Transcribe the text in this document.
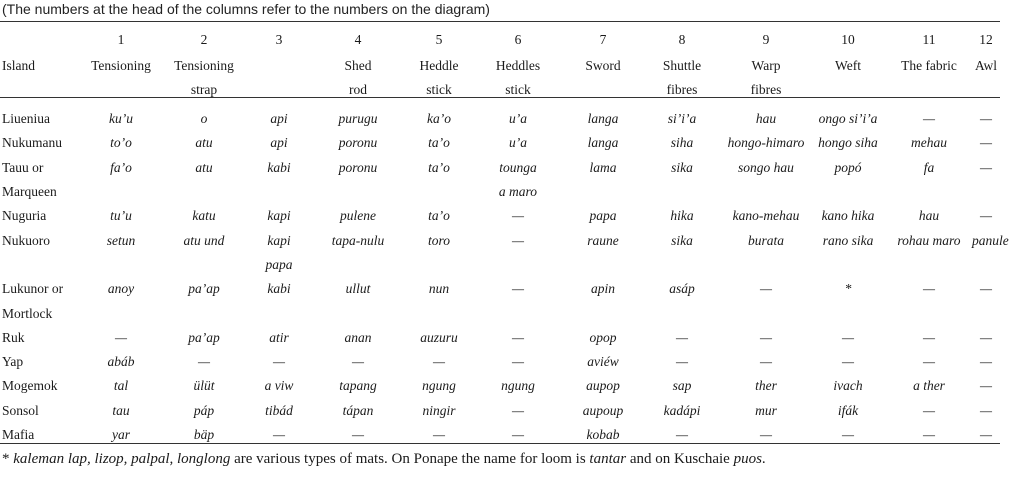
(The numbers at the head of the columns refer to the numbers on the diagram)
	1	2	3	4	5	6	7	8	9	10	11	12
Island	Tensioning	Tensioning		Shed	Heddle	Heddles	Sword	Shuttle	Warp	Weft	The fabric	Awl
		strap		rod	stick	stick		fibres	fibres			
Liueniua	ku’u	o	api	purugu	ka’o	u’a	langa	si’i’a	hau	ongo si’i’a	—	—
Nukumanu	to’o	atu	api	poronu	ta’o	u’a	langa	siha	hongo-himaro	hongo siha	mehau	—
Tauu or	fa’o	atu	kabi	poronu	ta’o	tounga	lama	sika	songo hau	popó	fa	—
Marqueen						a maro						
Nuguria	tu’u	katu	kapi	pulene	ta’o	—	papa	hika	kano-mehau	kano hika	hau	—
Nukuoro	setun	atu und	kapi	tapa-nulu	toro	—	raune	sika	burata	rano sika	rohau maro	panule
			papa									
Lukunor or	anoy	pa’ap	kabi	ullut	nun	—	apin	asáp	—	*	—	—
Mortlock												
Ruk	—	pa’ap	atir	anan	auzuru	—	opop	—	—	—	—	—
Yap	abáb	—	—	—	—	—	aviéw	—	—	—	—	—
Mogemok	tal	ülüt	a viw	tapang	ngung	ngung	aupop	sap	ther	ivach	a ther	—
Sonsol	tau	páp	tibád	tápan	ningir	—	aupoup	kadápi	mur	ifák	—	—
Mafia	yar	bäp	—	—	—	—	kobab	—	—	—	—	—
* kaleman lap, lizop, palpal, longlong are various types of mats. On Ponape the name for loom is tantar and on Kuschaie puos.
